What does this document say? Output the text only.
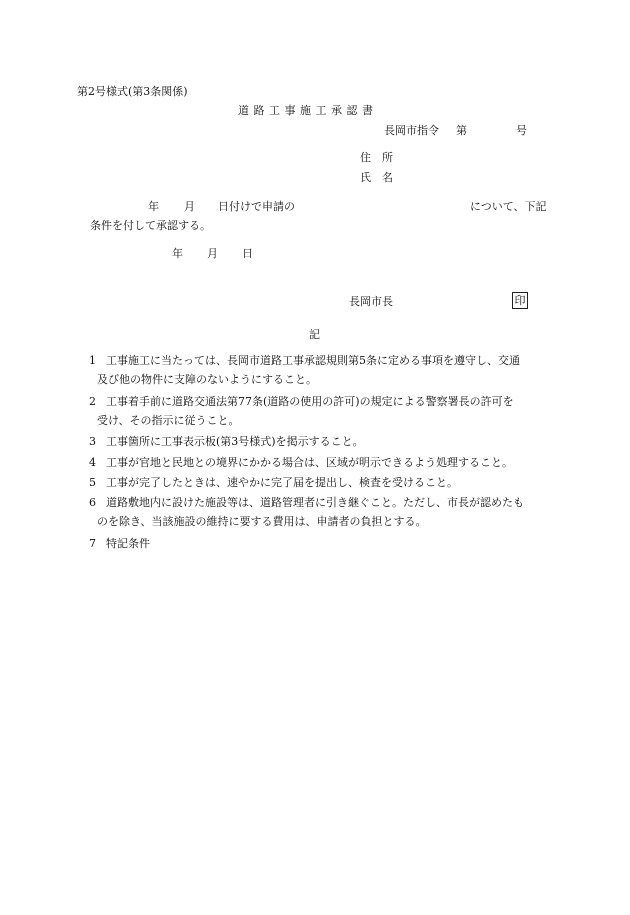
第2号様式(第3条関係)
道路工事施工承認書
長岡市指令 第	号
住　所
氏　名
年 月 日付けで申請の	について、下記
条件を付して承認する。
年 月 日
長岡市長	印
記
1 工事施工に当たっては、長岡市道路工事承認規則第5条に定める事項を遵守し、交通
及び他の物件に支障のないようにすること。
2 工事着手前に道路交通法第77条(道路の使用の許可)の規定による警察署長の許可を
受け、その指示に従うこと。
3 工事箇所に工事表示板(第3号様式)を掲示すること。
4 工事が官地と民地との境界にかかる場合は、区域が明示できるよう処理すること。
5 工事が完了したときは、速やかに完了届を提出し、検査を受けること。
6 道路敷地内に設けた施設等は、道路管理者に引き継ぐこと。ただし、市長が認めたも
のを除き、当該施設の維持に要する費用は、申請者の負担とする。
7 特記条件
